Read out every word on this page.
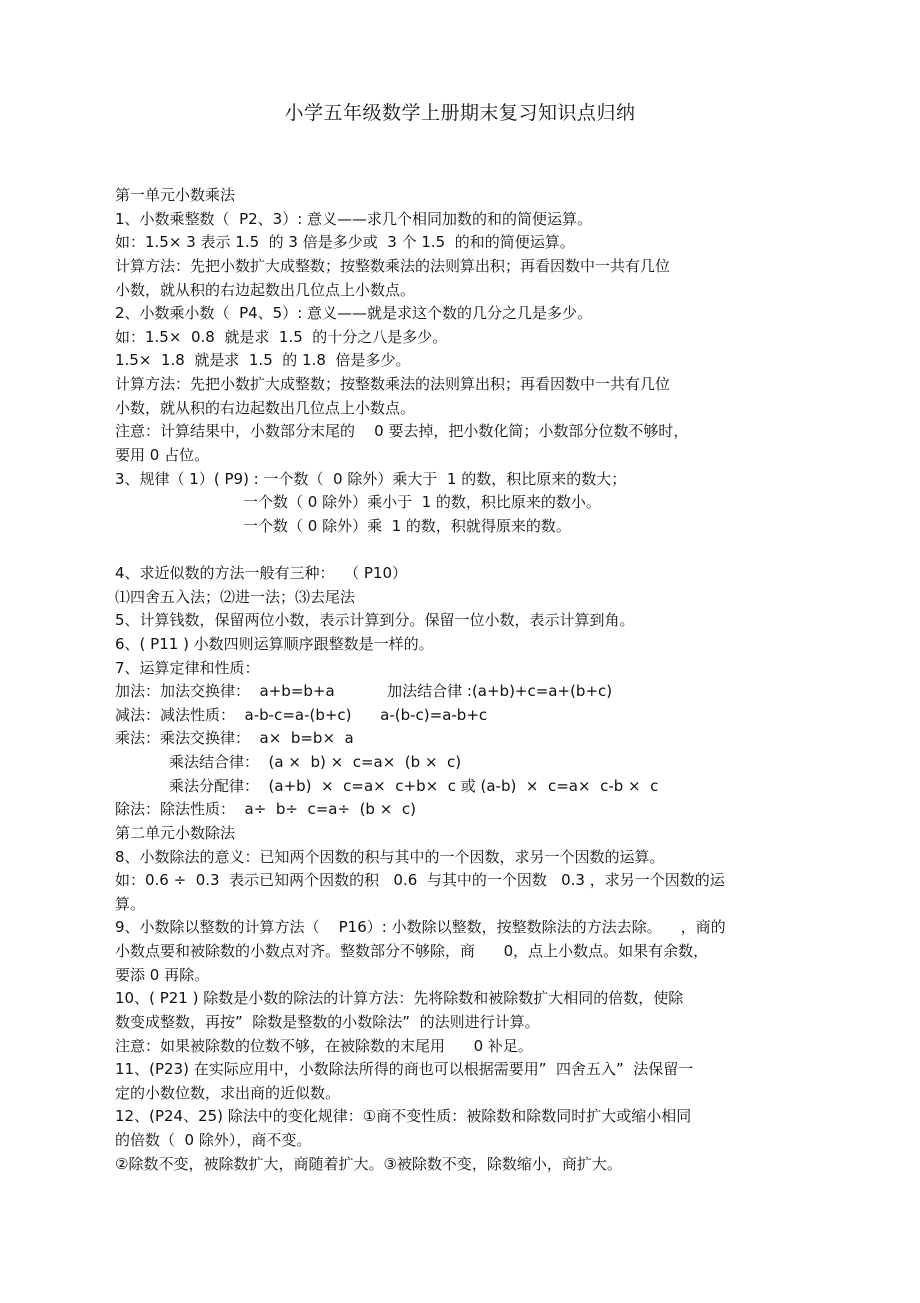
小学五年级数学上册期末复习知识点归纳
第一单元小数乘法
1、小数乘整数（  P2、3）: 意义——求几个相同加数的和的简便运算。
如：1.5× 3 表示 1.5  的 3 倍是多少或  3 个 1.5  的和的简便运算。
计算方法：先把小数扩大成整数；按整数乘法的法则算出积；再看因数中一共有几位
小数，就从积的右边起数出几位点上小数点。
2、小数乘小数（  P4、5）: 意义——就是求这个数的几分之几是多少。
如：1.5×  0.8  就是求  1.5  的十分之八是多少。
1.5×  1.8  就是求  1.5  的 1.8  倍是多少。
计算方法：先把小数扩大成整数；按整数乘法的法则算出积；再看因数中一共有几位
小数，就从积的右边起数出几位点上小数点。
注意：计算结果中，小数部分末尾的    0 要去掉，把小数化简；小数部分位数不够时，
要用 0 占位。
3、规律（ 1）( P9) : 一个数（  0 除外）乘大于  1 的数，积比原来的数大；
一个数（ 0 除外）乘小于  1 的数，积比原来的数小。
一个数（ 0 除外）乘  1 的数，积就得原来的数。
4、求近似数的方法一般有三种：  （ P10）
⑴四舍五入法；⑵进一法；⑶去尾法
5、计算钱数，保留两位小数，表示计算到分。保留一位小数，表示计算到角。
6、( P11 ) 小数四则运算顺序跟整数是一样的。
7、运算定律和性质：
加法：加法交换律：  a+b=b+a           加法结合律 :(a+b)+c=a+(b+c)
减法：减法性质：  a-b-c=a-(b+c)      a-(b-c)=a-b+c
乘法：乘法交换律：  a×  b=b×  a
乘法结合律：  (a ×  b) ×  c=a×  (b ×  c)
乘法分配律：  (a+b)  ×  c=a×  c+b×  c 或 (a-b)  ×  c=a×  c-b ×  c
除法：除法性质：  a÷  b÷  c=a÷  (b ×  c)
第二单元小数除法
8、小数除法的意义：已知两个因数的积与其中的一个因数，求另一个因数的运算。
如：0.6 ÷  0.3  表示已知两个因数的积   0.6  与其中的一个因数   0.3 ，求另一个因数的运
算。
9、小数除以整数的计算方法（    P16）: 小数除以整数，按整数除法的方法去除。    ，商的
小数点要和被除数的小数点对齐。整数部分不够除，商      0，点上小数点。如果有余数，
要添 0 再除。
10、( P21 ) 除数是小数的除法的计算方法：先将除数和被除数扩大相同的倍数，使除
数变成整数，再按”  除数是整数的小数除法”  的法则进行计算。
注意：如果被除数的位数不够，在被除数的末尾用      0 补足。
11、(P23) 在实际应用中，小数除法所得的商也可以根据需要用”  四舍五入”  法保留一
定的小数位数，求出商的近似数。
12、(P24、25) 除法中的变化规律：①商不变性质：被除数和除数同时扩大或缩小相同
的倍数（  0 除外），商不变。
②除数不变，被除数扩大，商随着扩大。③被除数不变，除数缩小，商扩大。
